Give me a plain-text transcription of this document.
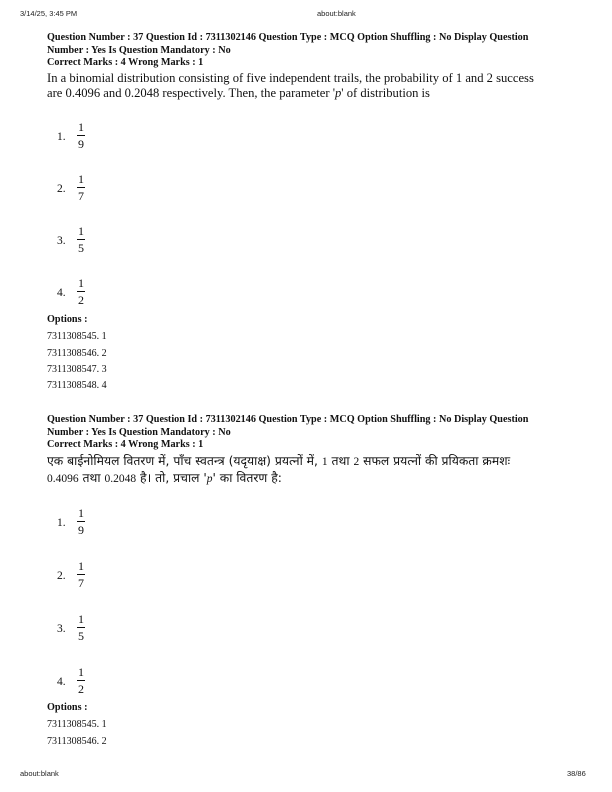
3/14/25, 3:45 PM	about:blank
Question Number : 37 Question Id : 7311302146 Question Type : MCQ Option Shuffling : No Display Question
Number : Yes Is Question Mandatory : No
Correct Marks : 4 Wrong Marks : 1
In a binomial distribution consisting of five independent trails, the probability of 1 and 2 success
are 0.4096 and 0.2048 respectively. Then, the parameter 'p' of distribution is
1.
1
9
2.
1
7
3.
1
5
4.
1
2
Options :
7311308545. 1
7311308546. 2
7311308547. 3
7311308548. 4
Question Number : 37 Question Id : 7311302146 Question Type : MCQ Option Shuffling : No Display Question
Number : Yes Is Question Mandatory : No
Correct Marks : 4 Wrong Marks : 1
एक बाईनोमियल वितरण में, पाँच स्वतन्त्र (यदृयाक्ष) प्रयत्नों में, 1 तथा 2 सफल प्रयत्नों की प्रयिकता क्रमशः
0.4096 तथा 0.2048 है। तो, प्रचाल 'p' का वितरण है:
1.
1
9
2.
1
7
3.
1
5
4.
1
2
Options :
7311308545. 1
7311308546. 2
about:blank	38/86
